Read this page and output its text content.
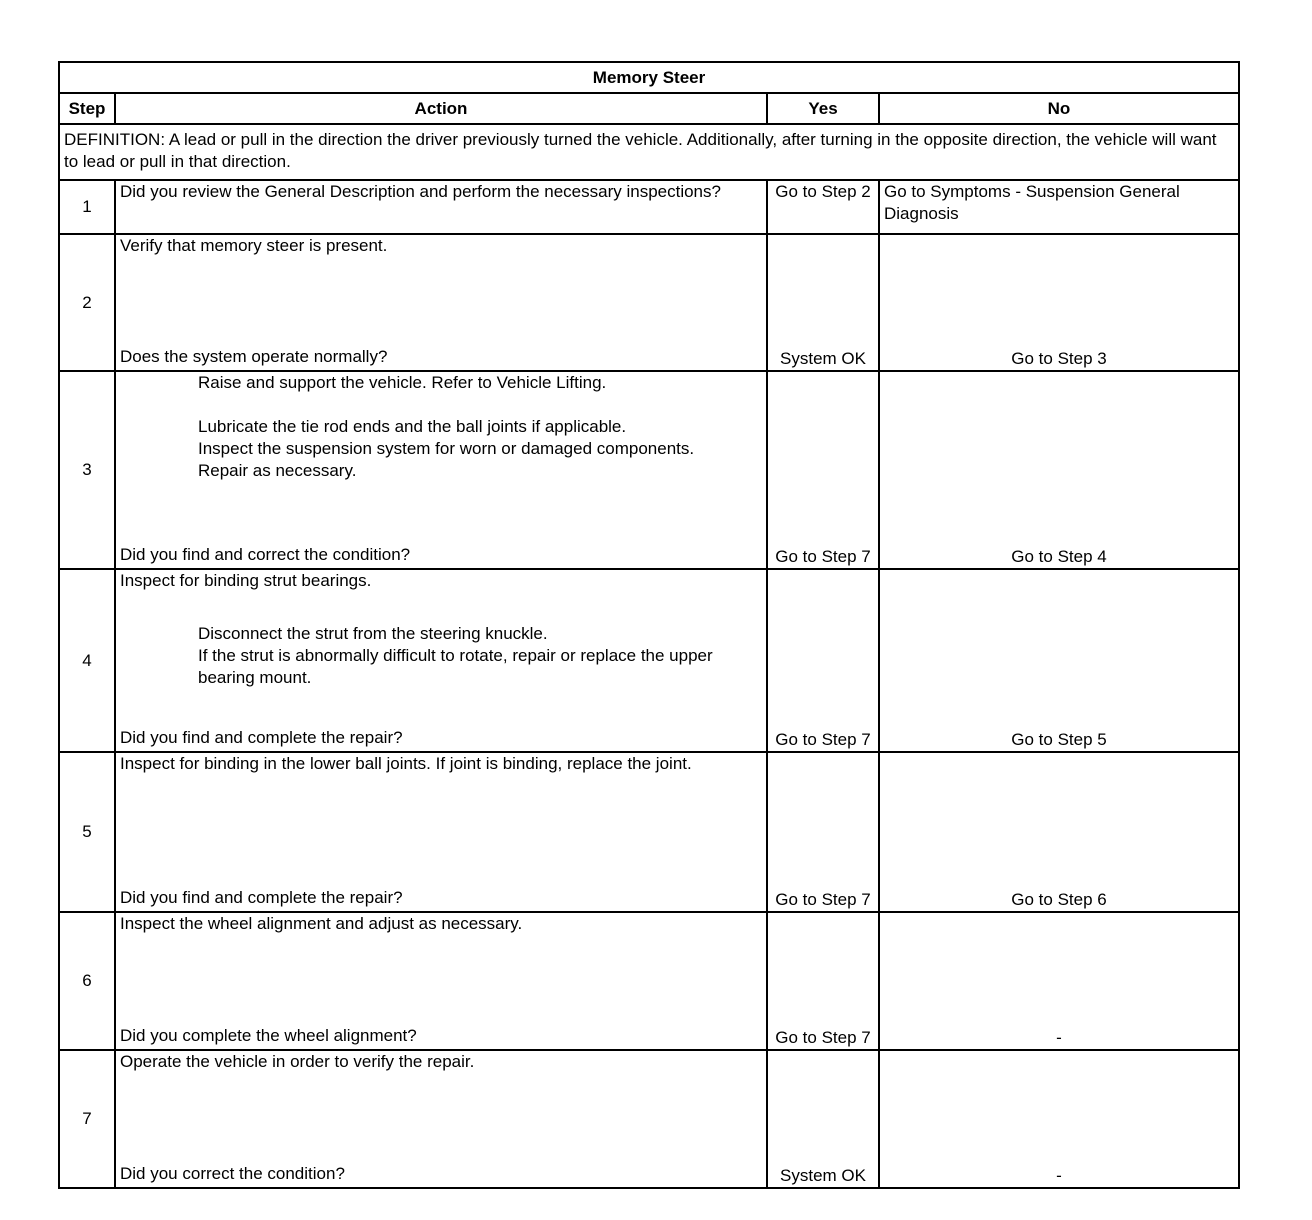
Memory Steer			
Step	Action	Yes	No
DEFINITION: A lead or pull in the direction the driver previously turned the vehicle. Additionally, after turning in the opposite direction, the vehicle will want to lead or pull in that direction.			
1	Did you review the General Description and perform the necessary inspections?	Go to Step 2	Go to Symptoms - Suspension General Diagnosis
2	Verify that memory steer is present.
Does the system operate normally?	System OK	Go to Step 3
3	Raise and support the vehicle. Refer to Vehicle Lifting.
Lubricate the tie rod ends and the ball joints if applicable.
Inspect the suspension system for worn or damaged components.
Repair as necessary.
Did you find and correct the condition?	Go to Step 7	Go to Step 4
4	Inspect for binding strut bearings.
Disconnect the strut from the steering knuckle.
If the strut is abnormally difficult to rotate, repair or replace the upper bearing mount.
Did you find and complete the repair?	Go to Step 7	Go to Step 5
5	Inspect for binding in the lower ball joints. If joint is binding, replace the joint.
Did you find and complete the repair?	Go to Step 7	Go to Step 6
6	Inspect the wheel alignment and adjust as necessary.
Did you complete the wheel alignment?	Go to Step 7	-
7	Operate the vehicle in order to verify the repair.
Did you correct the condition?	System OK	-
